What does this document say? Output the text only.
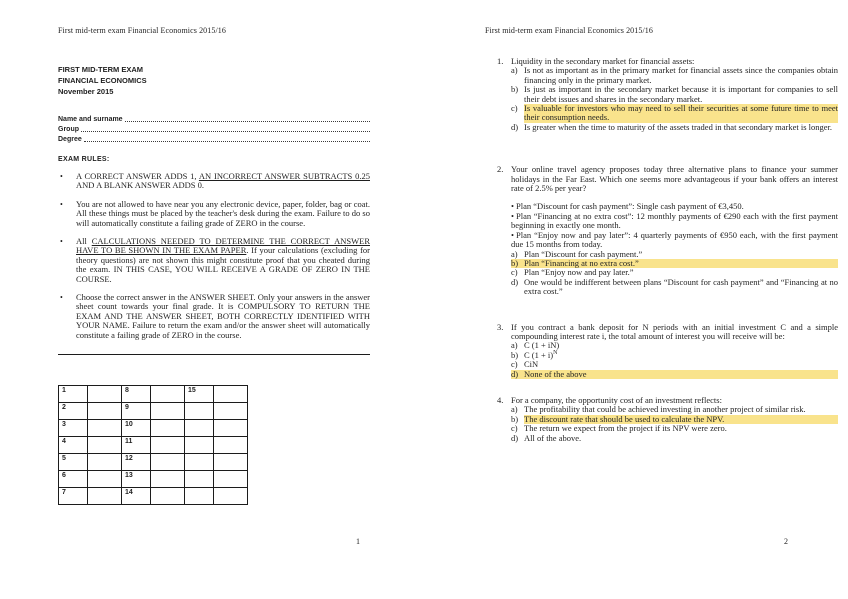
First mid-term exam Financial Economics 2015/16
FIRST MID-TERM EXAM
FINANCIAL ECONOMICS
November 2015
Name and surname
Group
Degree
EXAM RULES:
•	A CORRECT ANSWER ADDS 1, AN INCORRECT ANSWER SUBTRACTS 0.25 AND A BLANK ANSWER ADDS 0.
•	You are not allowed to have near you any electronic device, paper, folder, bag or coat. All these things must be placed by the teacher's desk during the exam. Failure to do so will automatically constitute a failing grade of ZERO in the course.
•	All CALCULATIONS NEEDED TO DETERMINE THE CORRECT ANSWER HAVE TO BE SHOWN IN THE EXAM PAPER. If your calculations (excluding for theory questions) are not shown this might constitute proof that you cheated during the exam. IN THIS CASE, YOU WILL RECEIVE A GRADE OF ZERO IN THE COURSE.
•	Choose the correct answer in the ANSWER SHEET. Only your answers in the answer sheet count towards your final grade. It is COMPULSORY TO RETURN THE EXAM AND THE ANSWER SHEET, BOTH CORRECTLY IDENTIFIED WITH YOUR NAME. Failure to return the exam and/or the answer sheet will automatically constitute a failing grade of ZERO in the course.
1		8		15	
2		9			
3		10			
4		11			
5		12			
6		13			
7		14			
1
First mid-term exam Financial Economics 2015/16
1. Liquidity in the secondary market for financial assets:
a) Is not as important as in the primary market for financial assets since the companies obtain financing only in the primary market.
b) Is just as important in the secondary market because it is important for companies to sell their debt issues and shares in the secondary market.
c) Is valuable for investors who may need to sell their securities at some future time to meet their consumption needs.
d) Is greater when the time to maturity of the assets traded in that secondary market is longer.
2. Your online travel agency proposes today three alternative plans to finance your summer holidays in the Far East. Which one seems more advantageous if your bank offers an interest rate of 2.5% per year?
• Plan “Discount for cash payment”: Single cash payment of €3,450.
• Plan “Financing at no extra cost”: 12 monthly payments of €290 each with the first payment beginning in exactly one month.
• Plan “Enjoy now and pay later”: 4 quarterly payments of €950 each, with the first payment due 15 months from today.
a) Plan “Discount for cash payment.”
b) Plan “Financing at no extra cost.”
c) Plan “Enjoy now and pay later.”
d) One would be indifferent between plans “Discount for cash payment” and “Financing at no extra cost.”
3. If you contract a bank deposit for N periods with an initial investment C and a simple compounding interest rate i, the total amount of interest you will receive will be:
a) C (1 + iN)
b) C $(1 + i)^N$
c) CiN
d) None of the above
4. For a company, the opportunity cost of an investment reflects:
a) The profitability that could be achieved investing in another project of similar risk.
b) The discount rate that should be used to calculate the NPV.
c) The return we expect from the project if its NPV were zero.
d) All of the above.
2
